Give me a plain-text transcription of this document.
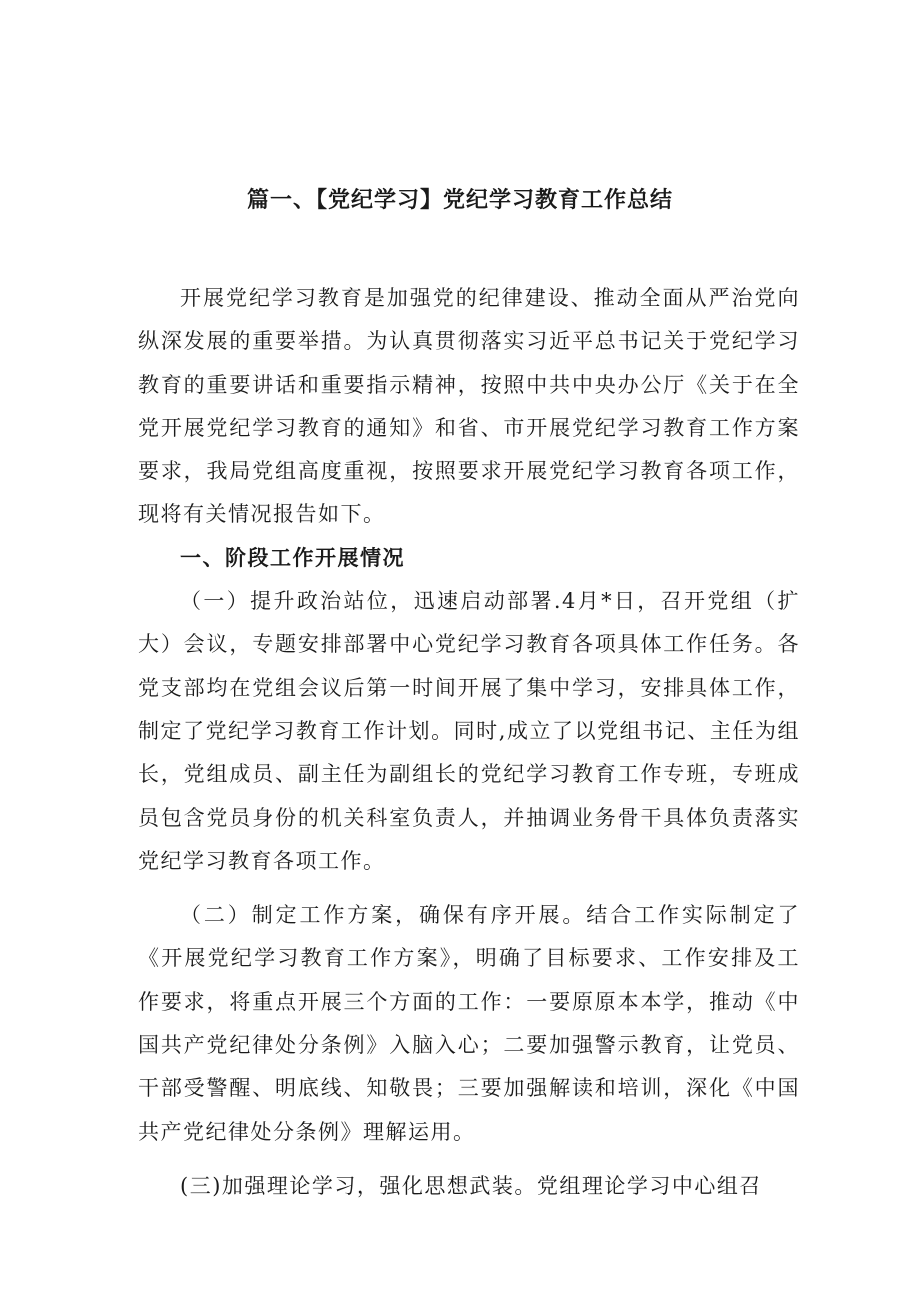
篇一、【党纪学习】党纪学习教育工作总结

开展党纪学习教育是加强党的纪律建设、推动全面从严治党向纵深发展的重要举措。为认真贯彻落实习近平总书记关于党纪学习教育的重要讲话和重要指示精神，按照中共中央办公厅《关于在全党开展党纪学习教育的通知》和省、市开展党纪学习教育工作方案要求，我局党组高度重视，按照要求开展党纪学习教育各项工作，现将有关情况报告如下。

一、阶段工作开展情况

（一）提升政治站位，迅速启动部署.4月*日，召开党组（扩大）会议，专题安排部署中心党纪学习教育各项具体工作任务。各党支部均在党组会议后第一时间开展了集中学习，安排具体工作，制定了党纪学习教育工作计划。同时,成立了以党组书记、主任为组长，党组成员、副主任为副组长的党纪学习教育工作专班，专班成员包含党员身份的机关科室负责人，并抽调业务骨干具体负责落实党纪学习教育各项工作。

（二）制定工作方案，确保有序开展。结合工作实际制定了《开展党纪学习教育工作方案》，明确了目标要求、工作安排及工作要求，将重点开展三个方面的工作：一要原原本本学，推动《中国共产党纪律处分条例》入脑入心；二要加强警示教育，让党员、干部受警醒、明底线、知敬畏；三要加强解读和培训，深化《中国共产党纪律处分条例》理解运用。

(三)加强理论学习，强化思想武装。党组理论学习中心组召
